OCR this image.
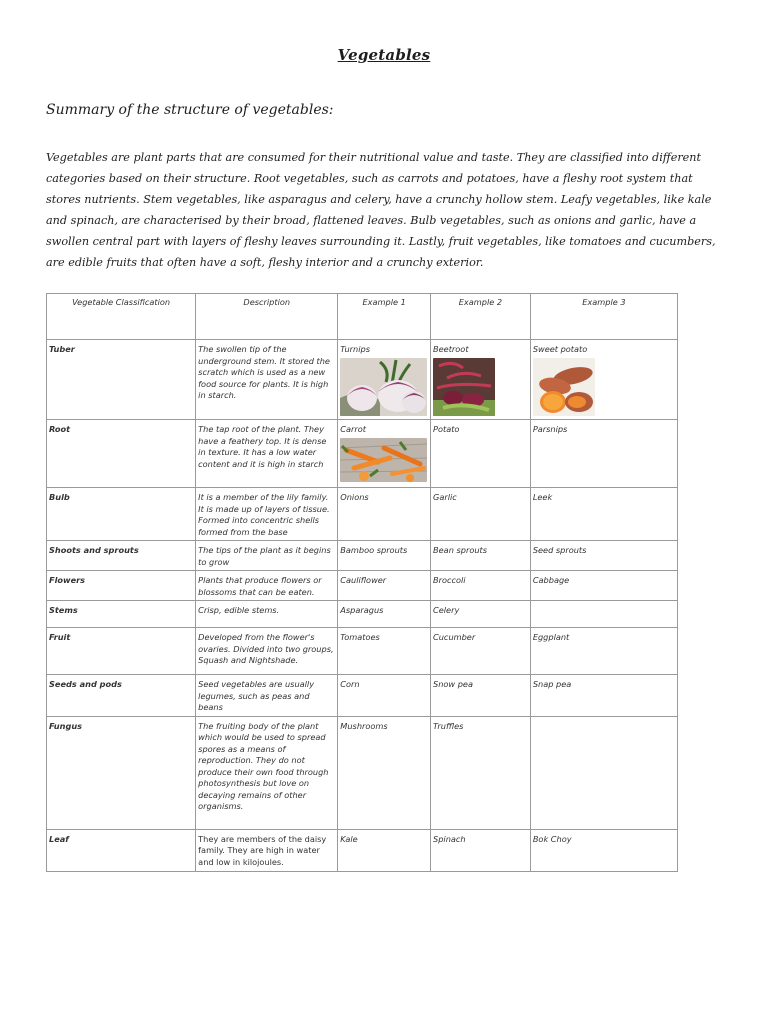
Vegetables
Summary of the structure of vegetables:
Vegetables are plant parts that are consumed for their nutritional value and taste. They are classified into different categories based on their structure. Root vegetables, such as carrots and potatoes, have a fleshy root system that stores nutrients. Stem vegetables, like asparagus and celery, have a crunchy hollow stem. Leafy vegetables, like kale and spinach, are characterised by their broad, flattened leaves. Bulb vegetables, such as onions and garlic, have a swollen central part with layers of fleshy leaves surrounding it. Lastly, fruit vegetables, like tomatoes and cucumbers, are edible fruits that often have a soft, fleshy interior and a crunchy exterior.
Vegetable Classification	Description	Example 1	Example 2	Example 3
Tuber	The swollen tip of the underground stem. It stored the scratch which is used as a new food source for plants. It is high in starch.	Turnips	Beetroot	Sweet potato

Root	The tap root of the plant. They have a feathery top. It is dense in texture. It has a low water content and it is high in starch	Carrot	Potato	Parsnips
Bulb	It is a member of the lily family. It is made up of layers of tissue. Formed into concentric shells formed from the base	Onions	Garlic	Leek
Shoots and sprouts	The tips of the plant as it begins to grow	Bamboo sprouts	Bean sprouts	Seed sprouts
Flowers	Plants that produce flowers or blossoms that can be eaten.	Cauliflower	Broccoli	Cabbage
Stems	Crisp, edible stems.	Asparagus	Celery	
Fruit	Developed from the flower's ovaries. Divided into two groups, Squash and Nightshade.	Tomatoes	Cucumber	Eggplant
Seeds and pods	Seed vegetables are usually legumes, such as peas and beans	Corn	Snow pea	Snap pea
Fungus	The fruiting body of the plant which would be used to spread spores as a means of reproduction. They do not produce their own food through photosynthesis but love on decaying remains of other organisms.	Mushrooms	Truffles	
Leaf	They are members of the daisy family. They are high in water and low in kilojoules.	Kale	Spinach	Bok Choy
